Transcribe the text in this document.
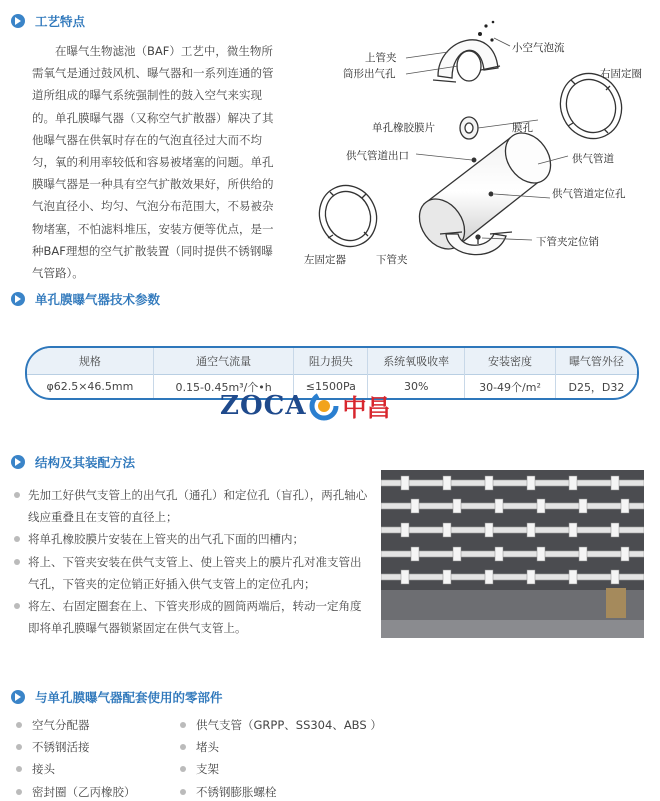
工艺特点

在曝气生物滤池（BAF）工艺中，微生物所需氧气是通过鼓风机、曝气器和一系列连通的管道所组成的曝气系统强制性的鼓入空气来实现的。单孔膜曝气器（又称空气扩散器）解决了其他曝气器在供氧时存在的气泡直径过大而不均匀，氧的利用率较低和容易被堵塞的问题。单孔膜曝气器是一种具有空气扩散效果好，所供给的气泡直径小、均匀、气泡分布范围大，不易被杂物堵塞，不怕滤料堆压，安装方便等优点，是一种BAF理想的空气扩散装置（同时提供不锈钢曝气管路）。

上管夹
筒形出气孔
小空气泡流
右固定圈
单孔橡胶膜片	膜孔
供气管道出口	供气管道
供气管道定位孔
左固定器	下管夹
下管夹定位销
单孔膜曝气器技术参数
规格	通空气流量	阻力损失	系统氧吸收率	安装密度	曝气管外径
φ62.5×46.5mm	0.15-0.45m³/个•h	≤1500Pa	30%	30-49个/m²	D25，D32
ZOCA 中昌
结构及其装配方法
先加工好供气支管上的出气孔（通孔）和定位孔（盲孔），两孔轴心线应重叠且在支管的直径上；
将单孔橡胶膜片安装在上管夹的出气孔下面的凹槽内；
将上、下管夹安装在供气支管上、使上管夹上的膜片孔对准支管出气孔，下管夹的定位销正好插入供气支管上的定位孔内；
将左、右固定圈套在上、下管夹形成的圆筒两端后，转动一定角度即将单孔膜曝气器锁紧固定在供气支管上。
与单孔膜曝气器配套使用的零部件
空气分配器
不锈钢活接
接头
密封圈（乙丙橡胶）
供气支管（GRPP、SS304、ABS ）
堵头
支架
不锈钢膨胀螺栓
